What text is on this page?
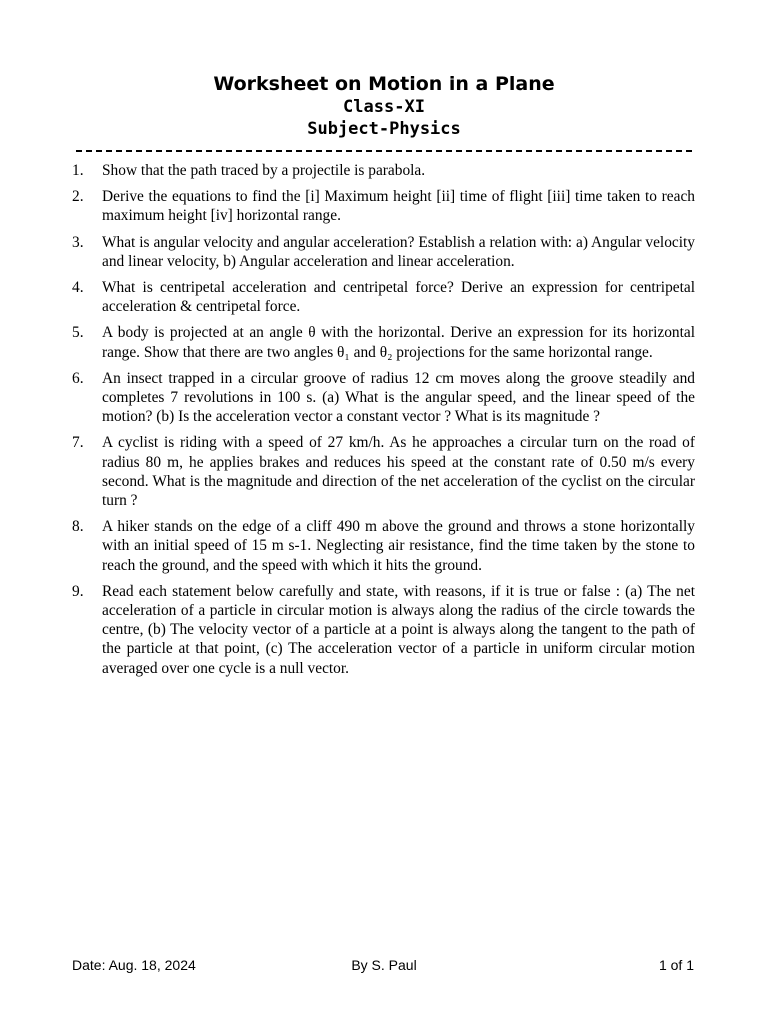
Worksheet on Motion in a Plane
Class-XI
Subject-Physics
1. Show that the path traced by a projectile is parabola.
2. Derive the equations to find the [i] Maximum height [ii] time of flight [iii] time taken to reach maximum height [iv] horizontal range.
3. What is angular velocity and angular acceleration? Establish a relation with: a) Angular velocity and linear velocity, b) Angular acceleration and linear acceleration.
4. What is centripetal acceleration and centripetal force? Derive an expression for centripetal acceleration & centripetal force.
5. A body is projected at an angle θ with the horizontal. Derive an expression for its horizontal range. Show that there are two angles θ₁ and θ₂ projections for the same horizontal range.
6. An insect trapped in a circular groove of radius 12 cm moves along the groove steadily and completes 7 revolutions in 100 s. (a) What is the angular speed, and the linear speed of the motion? (b) Is the acceleration vector a constant vector ? What is its magnitude ?
7. A cyclist is riding with a speed of 27 km/h. As he approaches a circular turn on the road of radius 80 m, he applies brakes and reduces his speed at the constant rate of 0.50 m/s every second. What is the magnitude and direction of the net acceleration of the cyclist on the circular turn ?
8. A hiker stands on the edge of a cliff 490 m above the ground and throws a stone horizontally with an initial speed of 15 m s-1. Neglecting air resistance, find the time taken by the stone to reach the ground, and the speed with which it hits the ground.
9. Read each statement below carefully and state, with reasons, if it is true or false : (a) The net acceleration of a particle in circular motion is always along the radius of the circle towards the centre, (b) The velocity vector of a particle at a point is always along the tangent to the path of the particle at that point, (c) The acceleration vector of a particle in uniform circular motion averaged over one cycle is a null vector.
Date: Aug. 18, 2024	By S. Paul	1 of 1
